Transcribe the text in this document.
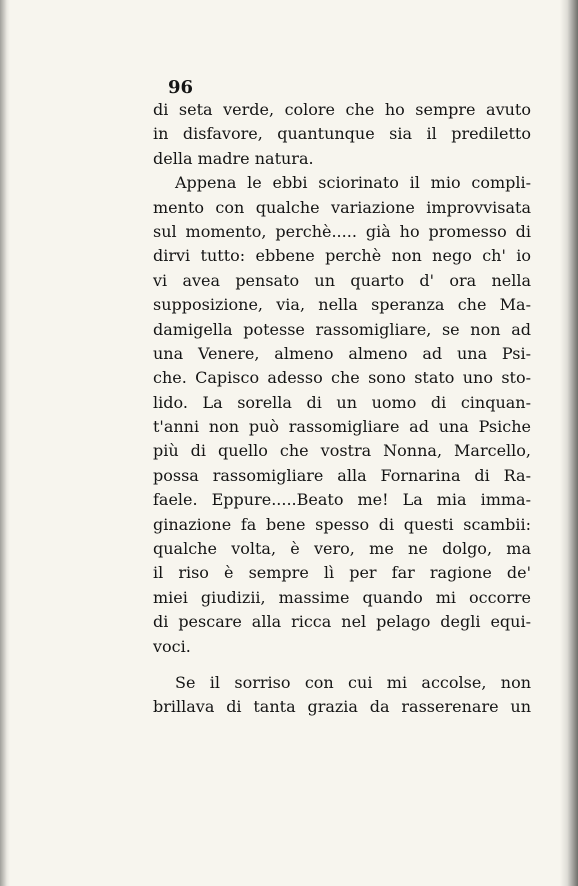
96
di seta verde, colore che ho sempre avuto
in disfavore, quantunque sia il prediletto
della madre natura.
Appena le ebbi sciorinato il mio compli-
mento con qualche variazione improvvisata
sul momento, perchè..... già ho promesso di
dirvi tutto: ebbene perchè non nego ch' io
vi avea pensato un quarto d' ora nella
supposizione, via, nella speranza che Ma-
damigella potesse rassomigliare, se non ad
una Venere, almeno almeno ad una Psi-
che. Capisco adesso che sono stato uno sto-
lido. La sorella di un uomo di cinquan-
t'anni non può rassomigliare ad una Psiche
più di quello che vostra Nonna, Marcello,
possa rassomigliare alla Fornarina di Ra-
faele. Eppure.....Beato me! La mia imma-
ginazione fa bene spesso di questi scambii:
qualche volta, è vero, me ne dolgo, ma
il riso è sempre lì per far ragione de'
miei giudizii, massime quando mi occorre
di pescare alla ricca nel pelago degli equi-
voci.
Se il sorriso con cui mi accolse, non
brillava di tanta grazia da rasserenare un
